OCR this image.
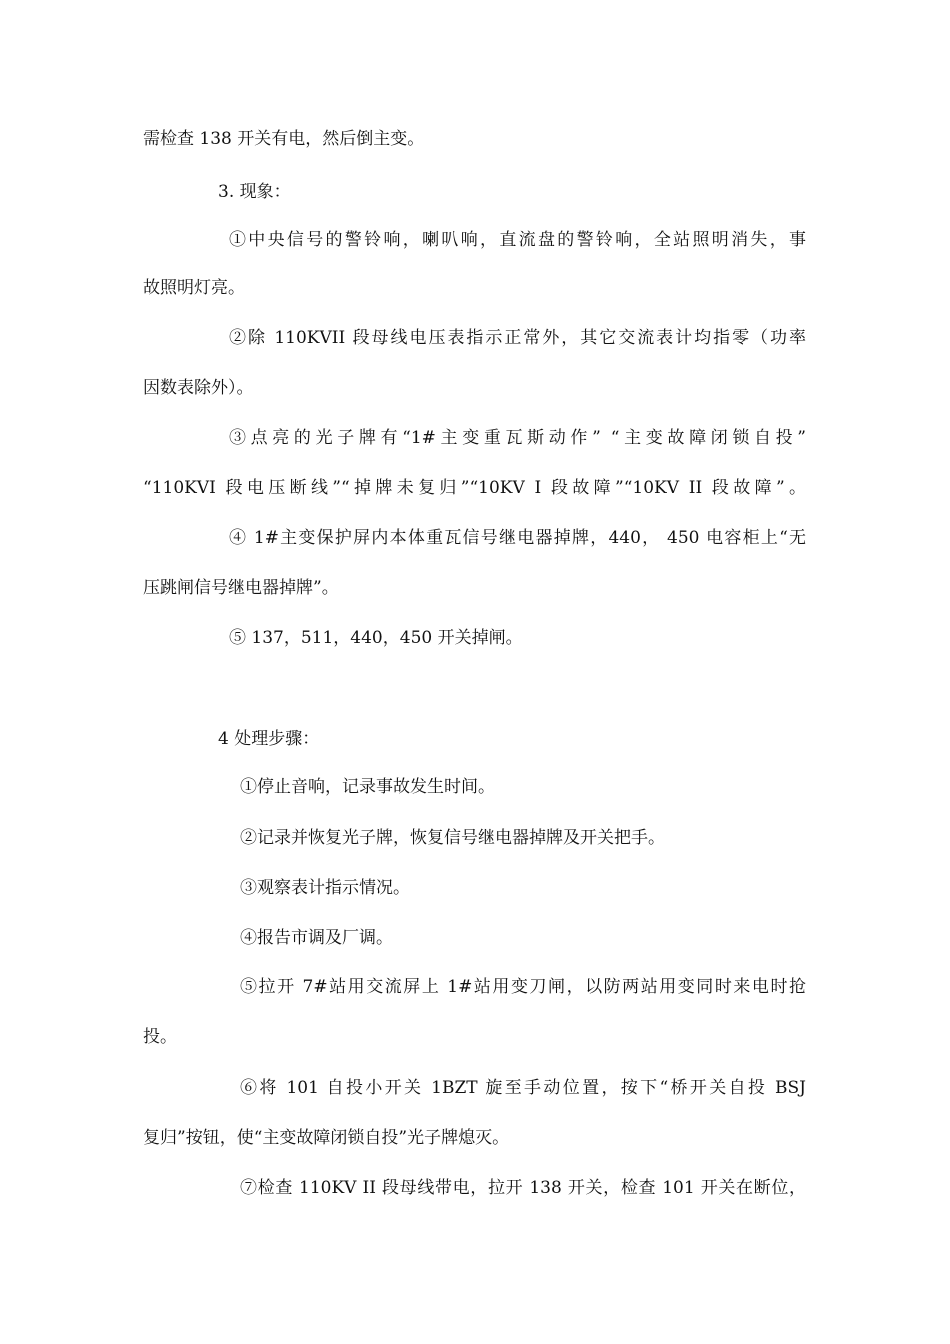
需检查 138 开关有电，然后倒主变。
3. 现象：
①中央信号的警铃响，喇叭响，直流盘的警铃响，全站照明消失，事
故照明灯亮。
②除 110KVII 段母线电压表指示正常外，其它交流表计均指零（功率
因数表除外）。
③点亮的光子牌有“1#主变重瓦斯动作” “主变故障闭锁自投”
“110KVI 段电压断线”“掉牌未复归”“10KV I 段故障”“10KV II 段故障”。
④ 1#主变保护屏内本体重瓦信号继电器掉牌，440， 450 电容柜上“无
压跳闸信号继电器掉牌”。
⑤ 137，511，440，450 开关掉闸。
4 处理步骤：
①停止音响，记录事故发生时间。
②记录并恢复光子牌，恢复信号继电器掉牌及开关把手。
③观察表计指示情况。
④报告市调及厂调。
⑤拉开 7#站用交流屏上 1#站用变刀闸，以防两站用变同时来电时抢
投。
⑥将 101 自投小开关 1BZT 旋至手动位置，按下“桥开关自投 BSJ
复归”按钮，使“主变故障闭锁自投”光子牌熄灭。
⑦检查 110KV II 段母线带电，拉开 138 开关，检查 101 开关在断位，
